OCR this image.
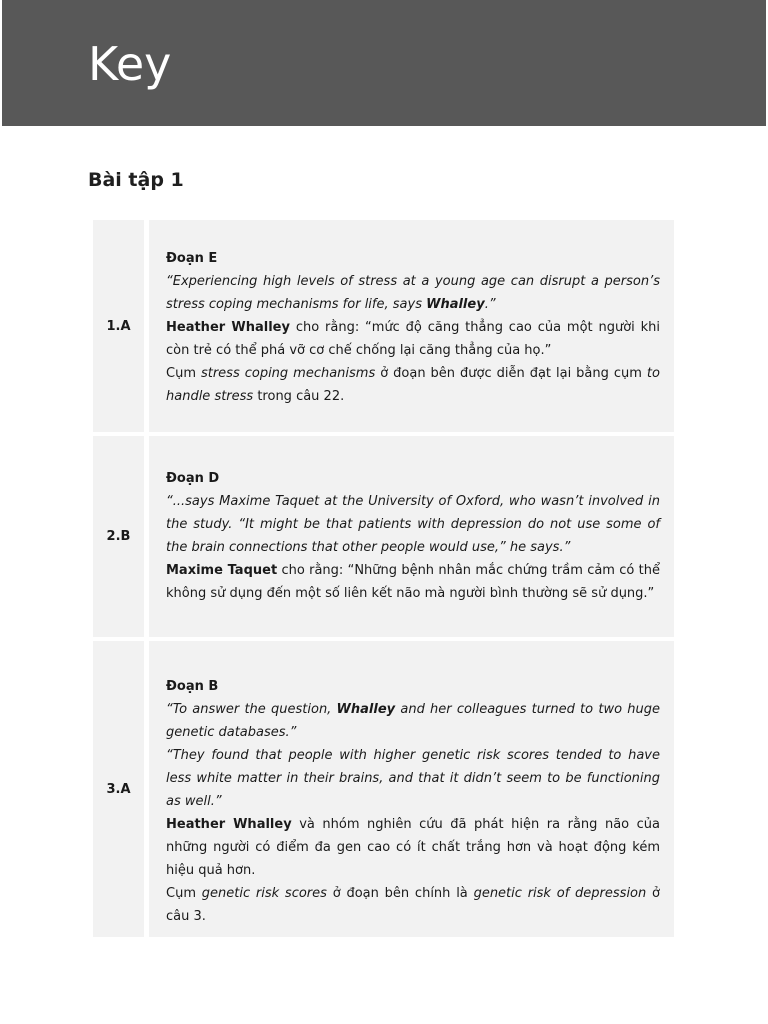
Key
Bài tập 1
1.A

Đoạn E

“Experiencing high levels of stress at a young age can disrupt a person’s stress coping mechanisms for life, says Whalley.”

Heather Whalley cho rằng: “mức độ căng thẳng cao của một người khi còn trẻ có thể phá vỡ cơ chế chống lại căng thẳng của họ.”

Cụm stress coping mechanisms ở đoạn bên được diễn đạt lại bằng cụm to handle stress trong câu 22.

2.B

Đoạn D

“...says Maxime Taquet at the University of Oxford, who wasn’t involved in the study. “It might be that patients with depression do not use some of the brain connections that other people would use,” he says.”

Maxime Taquet cho rằng: “Những bệnh nhân mắc chứng trầm cảm có thể không sử dụng đến một số liên kết não mà người bình thường sẽ sử dụng.”

3.A

Đoạn B

“To answer the question, Whalley and her colleagues turned to two huge genetic databases.”

“They found that people with higher genetic risk scores tended to have less white matter in their brains, and that it didn’t seem to be functioning as well.”

Heather Whalley và nhóm nghiên cứu đã phát hiện ra rằng não của những người có điểm đa gen cao có ít chất trắng hơn và hoạt động kém hiệu quả hơn.

Cụm genetic risk scores ở đoạn bên chính là genetic risk of depression ở câu 3.
